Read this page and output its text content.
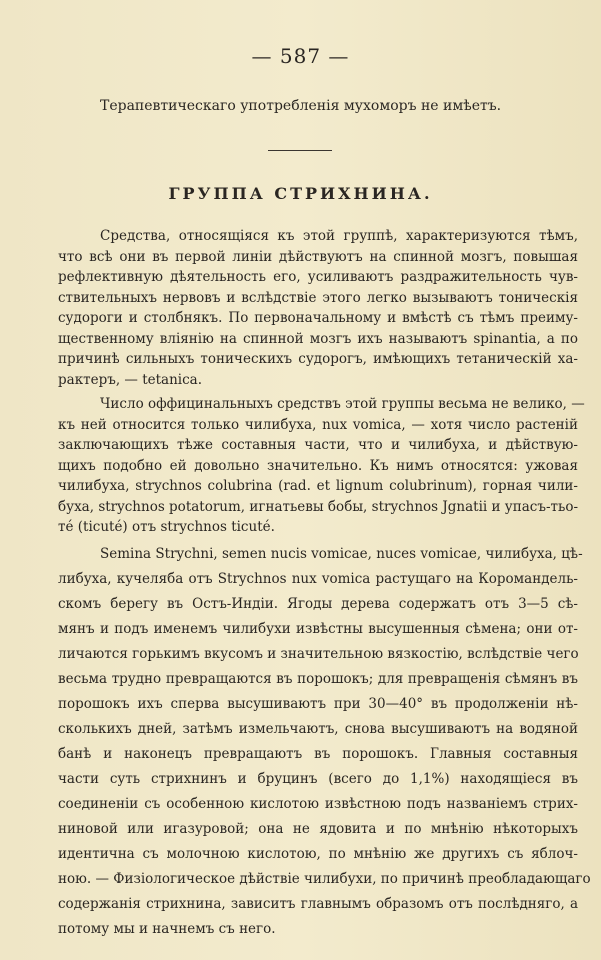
— 587 —
Терапевтическаго употребленія мухоморъ не имѣетъ.
ГРУППА СТРИХНИНА.
Средства, относящіяся къ этой группѣ, характеризуются тѣмъ,
что всѣ они въ первой линіи дѣйствуютъ на спинной мозгъ, повышая
рефлективную дѣятельность его, усиливаютъ раздражительность чув-
ствительныхъ нервовъ и вслѣдствіе этого легко вызываютъ тоническія
судороги и столбнякъ. По первоначальному и вмѣстѣ съ тѣмъ преиму-
щественному вліянію на спинной мозгъ ихъ называютъ spinantia, а по
причинѣ сильныхъ тоническихъ судорогъ, имѣющихъ тетаническій ха-
рактеръ, — tetanica.
Число оффицинальныхъ средствъ этой группы весьма не велико, —
къ ней относится только чилибуха, nux vomica, — хотя число растеній
заключающихъ тѣже составныя части, что и чилибуха, и дѣйствую-
щихъ подобно ей довольно значительно. Къ нимъ относятся: ужовая
чилибуха, strychnos colubrina (rad. et lignum colubrinum), горная чили-
буха, strychnos potatorum, игнатьевы бобы, strychnos Jgnatii и упасъ-тьо-
тé (ticuté) отъ strychnos ticuté.
Semina Strychni, semen nucis vomicae, nuces vomicae, чилибуха, цѣ-
либуха, кучеляба отъ Strychnos nux vomica растущаго на Коромандель-
скомъ берегу въ Остъ-Индіи. Ягоды дерева содержатъ отъ 3—5 сѣ-
мянъ и подъ именемъ чилибухи извѣстны высушенныя сѣмена; они от-
личаются горькимъ вкусомъ и значительною вязкостію, вслѣдствіе чего
весьма трудно превращаются въ порошокъ; для превращенія сѣмянъ въ
порошокъ ихъ сперва высушиваютъ при 30—40° въ продолженіи нѣ-
сколькихъ дней, затѣмъ измельчаютъ, снова высушиваютъ на водяной
банѣ и наконецъ превращаютъ въ порошокъ. Главныя составныя
части суть стрихнинъ и бруцинъ (всего до 1,1%) находящіеся въ
соединеніи съ особенною кислотою извѣстною подъ названіемъ стрих-
ниновой или игазуровой; она не ядовита и по мнѣнію нѣкоторыхъ
идентична съ молочною кислотою, по мнѣнію же другихъ съ яблоч-
ною. — Физіологическое дѣйствіе чилибухи, по причинѣ преобладающаго
содержанія стрихнина, зависитъ главнымъ образомъ отъ послѣдняго, а
потому мы и начнемъ съ него.
